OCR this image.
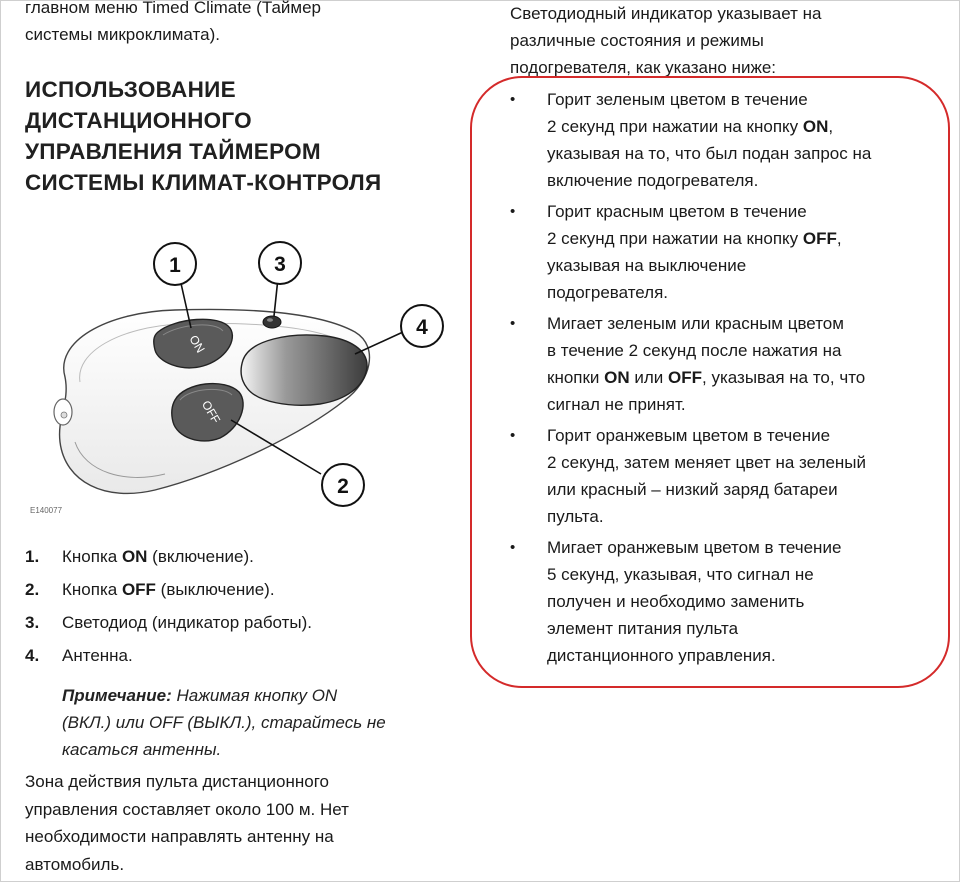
главном меню Timed Climate (Таймер
системы микроклимата).
ИСПОЛЬЗОВАНИЕ
ДИСТАНЦИОННОГО
УПРАВЛЕНИЯ ТАЙМЕРОМ
СИСТЕМЫ КЛИМАТ-КОНТРОЛЯ
ON
OFF
1	3
4
2
E140077
1. Кнопка ON (включение).
2. Кнопка OFF (выключение).
3. Светодиод (индикатор работы).
4. Антенна.
Примечание: Нажимая кнопку ON
(ВКЛ.) или OFF (ВЫКЛ.), старайтесь не
касаться антенны.
Зона действия пульта дистанционного
управления составляет около 100 м. Нет
необходимости направлять антенну на
автомобиль.
Светодиодный индикатор указывает на
различные состояния и режимы
подогревателя, как указано ниже:
• Горит зеленым цветом в течение
2 секунд при нажатии на кнопку ON,
указывая на то, что был подан запрос на
включение подогревателя.
• Горит красным цветом в течение
2 секунд при нажатии на кнопку OFF,
указывая на выключение
подогревателя.
• Мигает зеленым или красным цветом
в течение 2 секунд после нажатия на
кнопки ON или OFF, указывая на то, что
сигнал не принят.
• Горит оранжевым цветом в течение
2 секунд, затем меняет цвет на зеленый
или красный – низкий заряд батареи
пульта.
• Мигает оранжевым цветом в течение
5 секунд, указывая, что сигнал не
получен и необходимо заменить
элемент питания пульта
дистанционного управления.
